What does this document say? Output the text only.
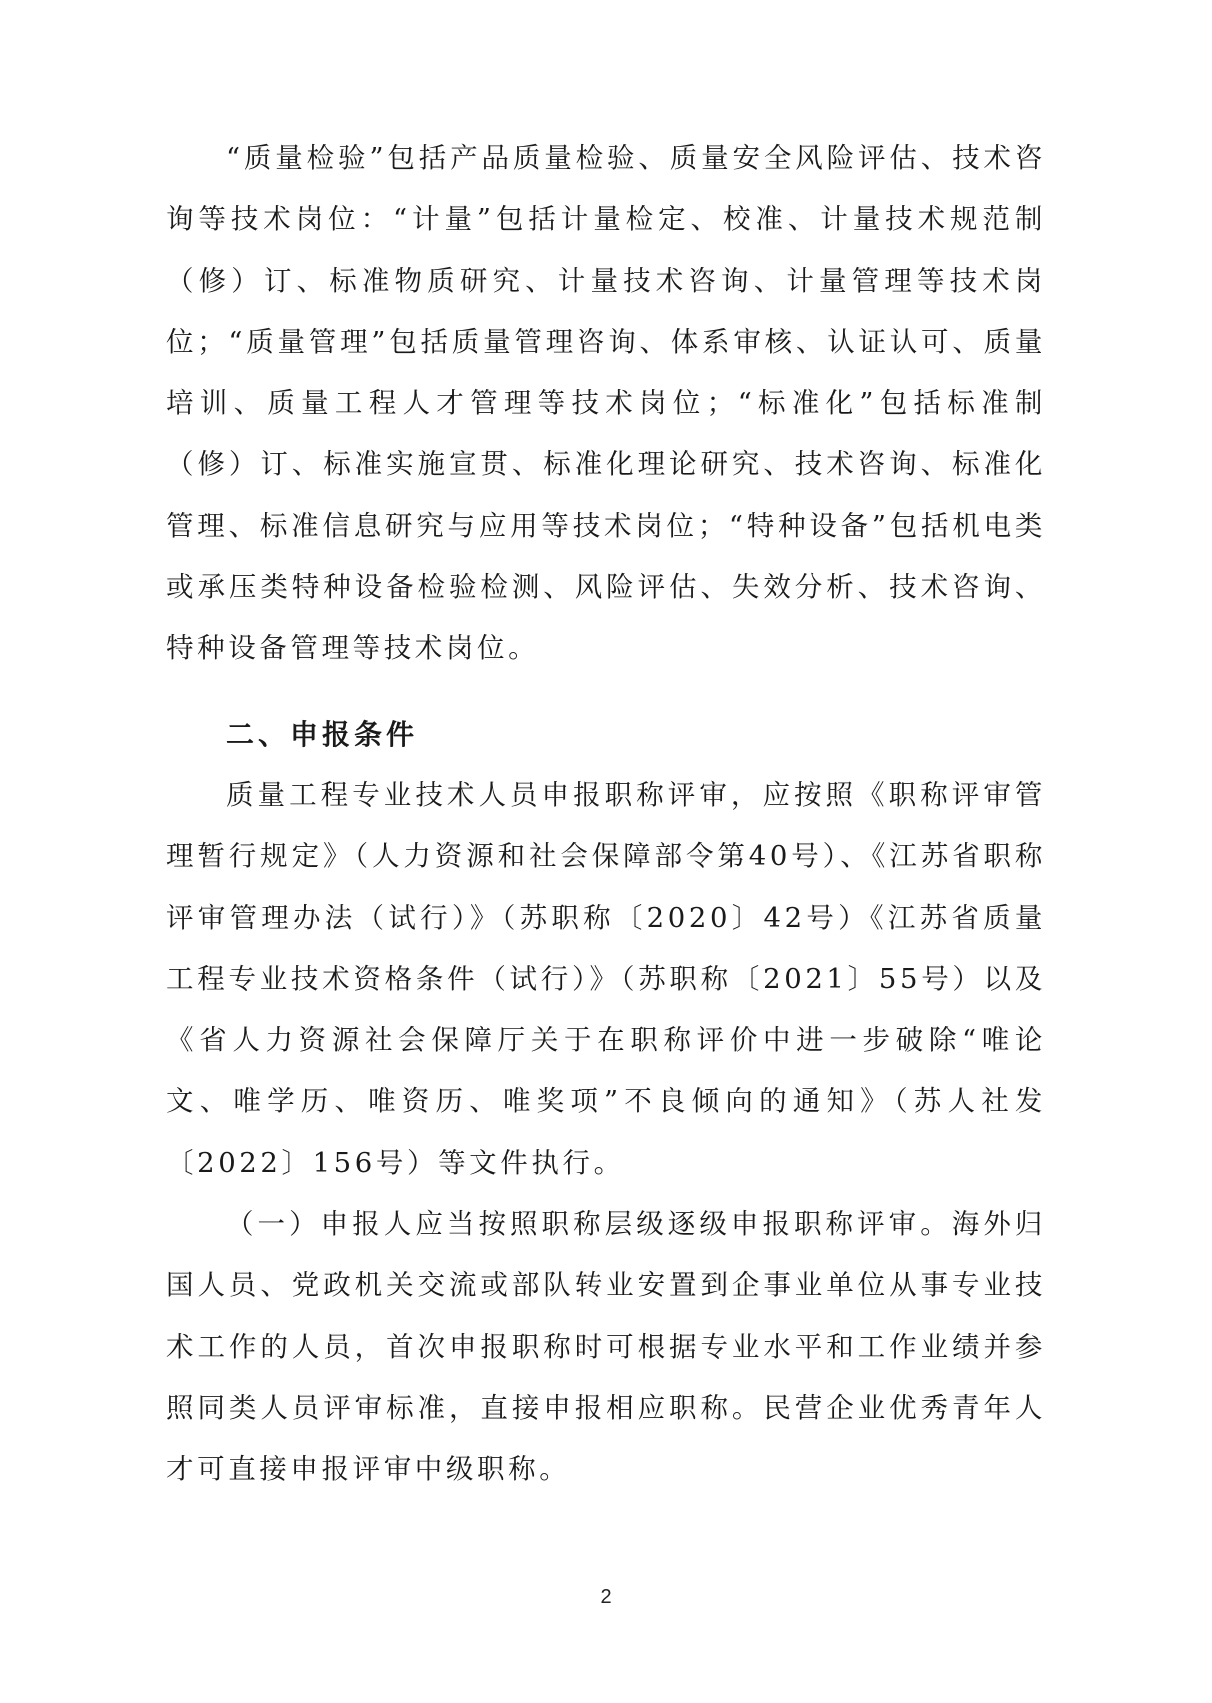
“质量检验”包括产品质量检验、质量安全风险评估、技术咨询等技术岗位：“计量”包括计量检定、校准、计量技术规范制（修）订、标准物质研究、计量技术咨询、计量管理等技术岗位；“质量管理”包括质量管理咨询、体系审核、认证认可、质量培训、质量工程人才管理等技术岗位；“标准化”包括标准制（修）订、标准实施宣贯、标准化理论研究、技术咨询、标准化管理、标准信息研究与应用等技术岗位；“特种设备”包括机电类或承压类特种设备检验检测、风险评估、失效分析、技术咨询、特种设备管理等技术岗位。

二、申报条件

质量工程专业技术人员申报职称评审，应按照《职称评审管理暂行规定》（人力资源和社会保障部令第40号）、《江苏省职称评审管理办法（试行）》（苏职称〔2020〕42号）《江苏省质量工程专业技术资格条件（试行）》（苏职称〔2021〕55号）以及《省人力资源社会保障厅关于在职称评价中进一步破除“唯论文、唯学历、唯资历、唯奖项”不良倾向的通知》（苏人社发〔2022〕156号）等文件执行。

（一）申报人应当按照职称层级逐级申报职称评审。海外归国人员、党政机关交流或部队转业安置到企事业单位从事专业技术工作的人员，首次申报职称时可根据专业水平和工作业绩并参照同类人员评审标准，直接申报相应职称。民营企业优秀青年人才可直接申报评审中级职称。

2
